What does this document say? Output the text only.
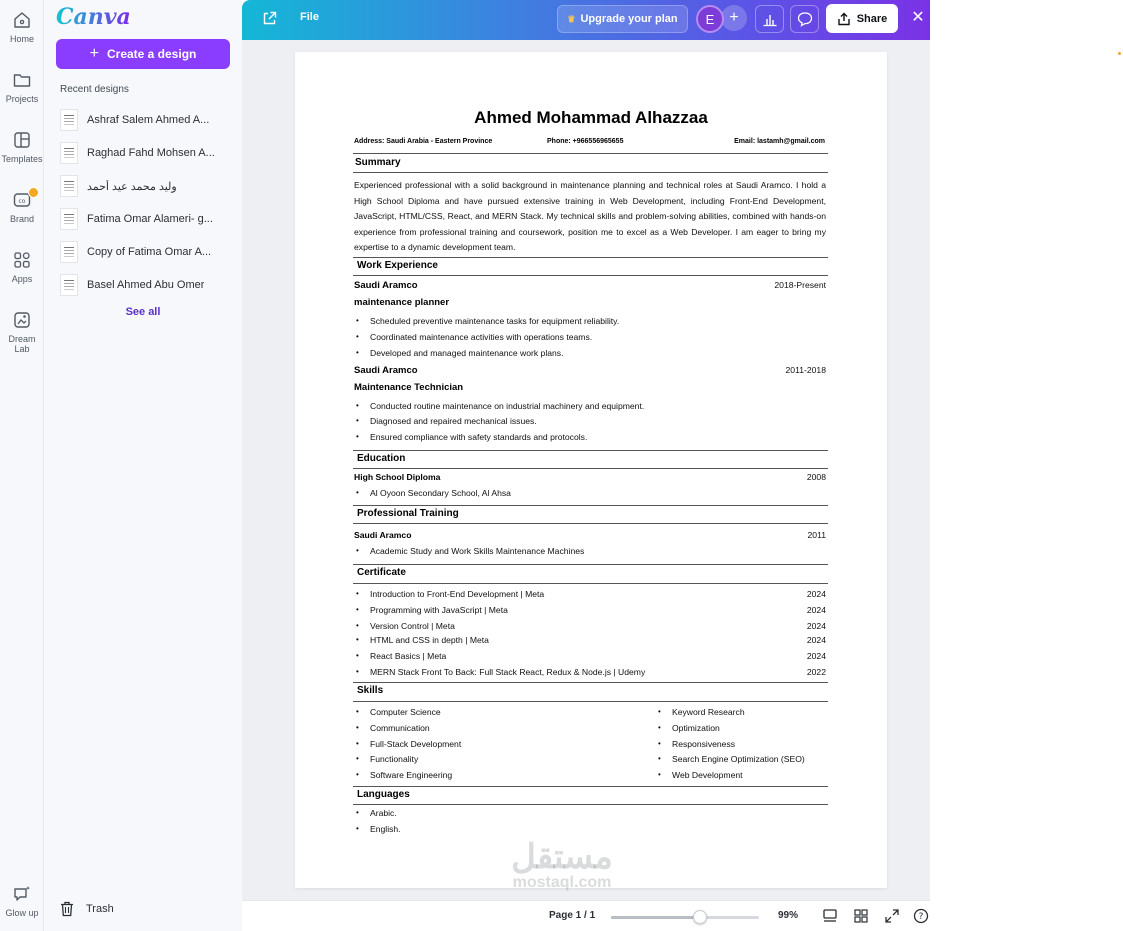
Home
Projects
Templates
co
Brand
Apps
Dream Lab
Glow up
Canva
+ Create a design
Recent designs
Ashraf Salem Ahmed A...
Raghad Fahd Mohsen A...
وليد محمد عيد أحمد
Fatima Omar Alameri- g...
Copy of Fatima Omar A...
Basel Ahmed Abu Omer
See all
Trash
File	♛ Upgrade your plan	+
E	Share ✕
Ahmed Mohammad Alhazzaa
Address: Saudi Arabia - Eastern Province	Phone: +966556965655	Email: lastamh@gmail.com
Summary
Experienced professional with a solid background in maintenance planning and technical roles at Saudi Aramco. I hold a High School Diploma and have pursued extensive training in Web Development, including Front-End Development, JavaScript, HTML/CSS, React, and MERN Stack. My technical skills and problem-solving abilities, combined with hands-on experience from professional training and coursework, position me to excel as a Web Developer. I am eager to bring my expertise to a dynamic development team.
Work Experience
Saudi Aramco	2018-Present
maintenance planner
• Scheduled preventive maintenance tasks for equipment reliability.
• Coordinated maintenance activities with operations teams.
• Developed and managed maintenance work plans.
Saudi Aramco	2011-2018
Maintenance Technician
• Conducted routine maintenance on industrial machinery and equipment.
• Diagnosed and repaired mechanical issues.
• Ensured compliance with safety standards and protocols.
Education
High School Diploma	2008
• Al Oyoon Secondary School, Al Ahsa
Professional Training
Saudi Aramco	2011
• Academic Study and Work Skills Maintenance Machines
Certificate
• Introduction to Front-End Development | Meta	2024
• Programming with JavaScript | Meta	2024
• Version Control | Meta	2024
• HTML and CSS in depth | Meta	2024
• React Basics | Meta	2024
• MERN Stack Front To Back: Full Stack React, Redux & Node.js | Udemy	2022
Skills
• Computer Science
• Communication
• Full-Stack Development
• Functionality
• Software Engineering
• Keyword Research
• Optimization
• Responsiveness
• Search Engine Optimization (SEO)
• Web Development
Languages
• Arabic.
• English.
مستقل
mostaql.com
Page 1 / 1	99%	?
